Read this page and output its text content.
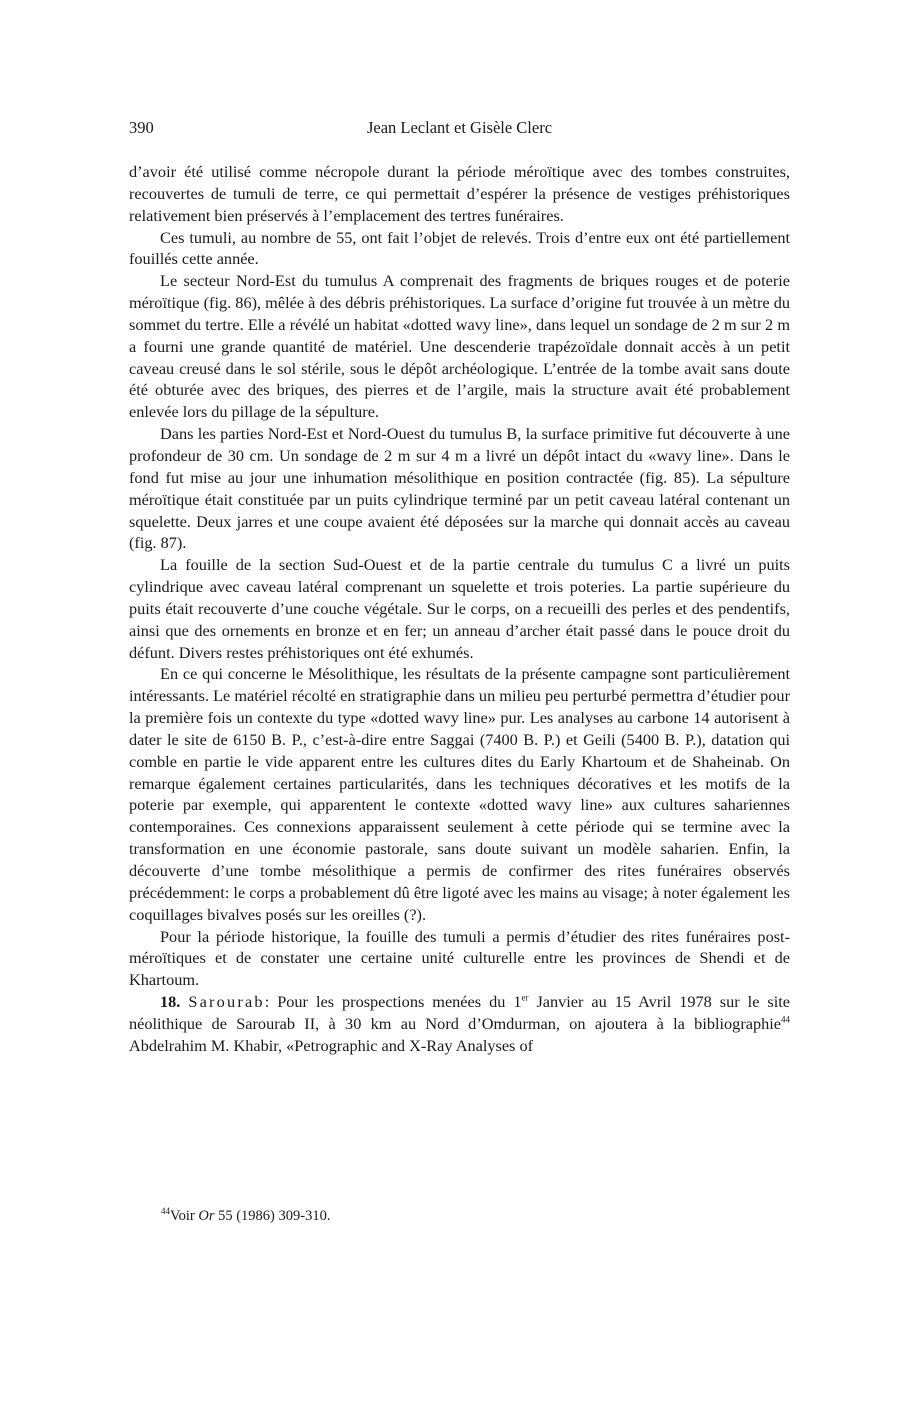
390	Jean Leclant et Gisèle Clerc

d’avoir été utilisé comme nécropole durant la période méroïtique avec des tombes construites, recouvertes de tumuli de terre, ce qui permettait d’espérer la présence de vestiges préhistoriques relativement bien préservés à l’emplacement des tertres funéraires.

Ces tumuli, au nombre de 55, ont fait l’objet de relevés. Trois d’entre eux ont été partiellement fouillés cette année.

Le secteur Nord-Est du tumulus A comprenait des fragments de briques rouges et de poterie méroïtique (fig. 86), mêlée à des débris préhistoriques. La surface d’origine fut trouvée à un mètre du sommet du tertre. Elle a révélé un habitat «dotted wavy line», dans lequel un sondage de 2 m sur 2 m a fourni une grande quantité de matériel. Une descenderie trapézoïdale donnait accès à un petit caveau creusé dans le sol stérile, sous le dépôt archéologique. L’entrée de la tombe avait sans doute été obturée avec des briques, des pierres et de l’argile, mais la structure avait été probablement enlevée lors du pillage de la sépulture.

Dans les parties Nord-Est et Nord-Ouest du tumulus B, la surface primitive fut découverte à une profondeur de 30 cm. Un sondage de 2 m sur 4 m a livré un dépôt intact du «wavy line». Dans le fond fut mise au jour une inhumation mésolithique en position contractée (fig. 85). La sépulture méroïtique était constituée par un puits cylindrique terminé par un petit caveau latéral contenant un squelette. Deux jarres et une coupe avaient été déposées sur la marche qui donnait accès au caveau (fig. 87).

La fouille de la section Sud-Ouest et de la partie centrale du tumulus C a livré un puits cylindrique avec caveau latéral comprenant un squelette et trois poteries. La partie supérieure du puits était recouverte d’une couche végétale. Sur le corps, on a recueilli des perles et des pendentifs, ainsi que des ornements en bronze et en fer; un anneau d’archer était passé dans le pouce droit du défunt. Divers restes préhistoriques ont été exhumés.

En ce qui concerne le Mésolithique, les résultats de la présente campagne sont particulièrement intéressants. Le matériel récolté en stratigraphie dans un milieu peu perturbé permettra d’étudier pour la première fois un contexte du type «dotted wavy line» pur. Les analyses au carbone 14 autorisent à dater le site de 6150 B. P., c’est-à-dire entre Saggai (7400 B. P.) et Geili (5400 B. P.), datation qui comble en partie le vide apparent entre les cultures dites du Early Khartoum et de Shaheinab. On remarque également certaines particularités, dans les techniques décoratives et les motifs de la poterie par exemple, qui apparentent le contexte «dotted wavy line» aux cultures sahariennes contemporaines. Ces connexions apparaissent seulement à cette période qui se termine avec la transformation en une économie pastorale, sans doute suivant un modèle saharien. Enfin, la découverte d’une tombe mésolithique a permis de confirmer des rites funéraires observés précédemment: le corps a probablement dû être ligoté avec les mains au visage; à noter également les coquillages bivalves posés sur les oreilles (?).

Pour la période historique, la fouille des tumuli a permis d’étudier des rites funéraires post-méroïtiques et de constater une certaine unité culturelle entre les provinces de Shendi et de Khartoum.

18. Sarourab: Pour les prospections menées du 1er Janvier au 15 Avril 1978 sur le site néolithique de Sarourab II, à 30 km au Nord d’Omdurman, on ajoutera à la bibliographie$^{44}$ Abdelrahim M. Khabir, «Petrographic and X-Ray Analyses of

$^{44}$Voir Or 55 (1986) 309-310.
